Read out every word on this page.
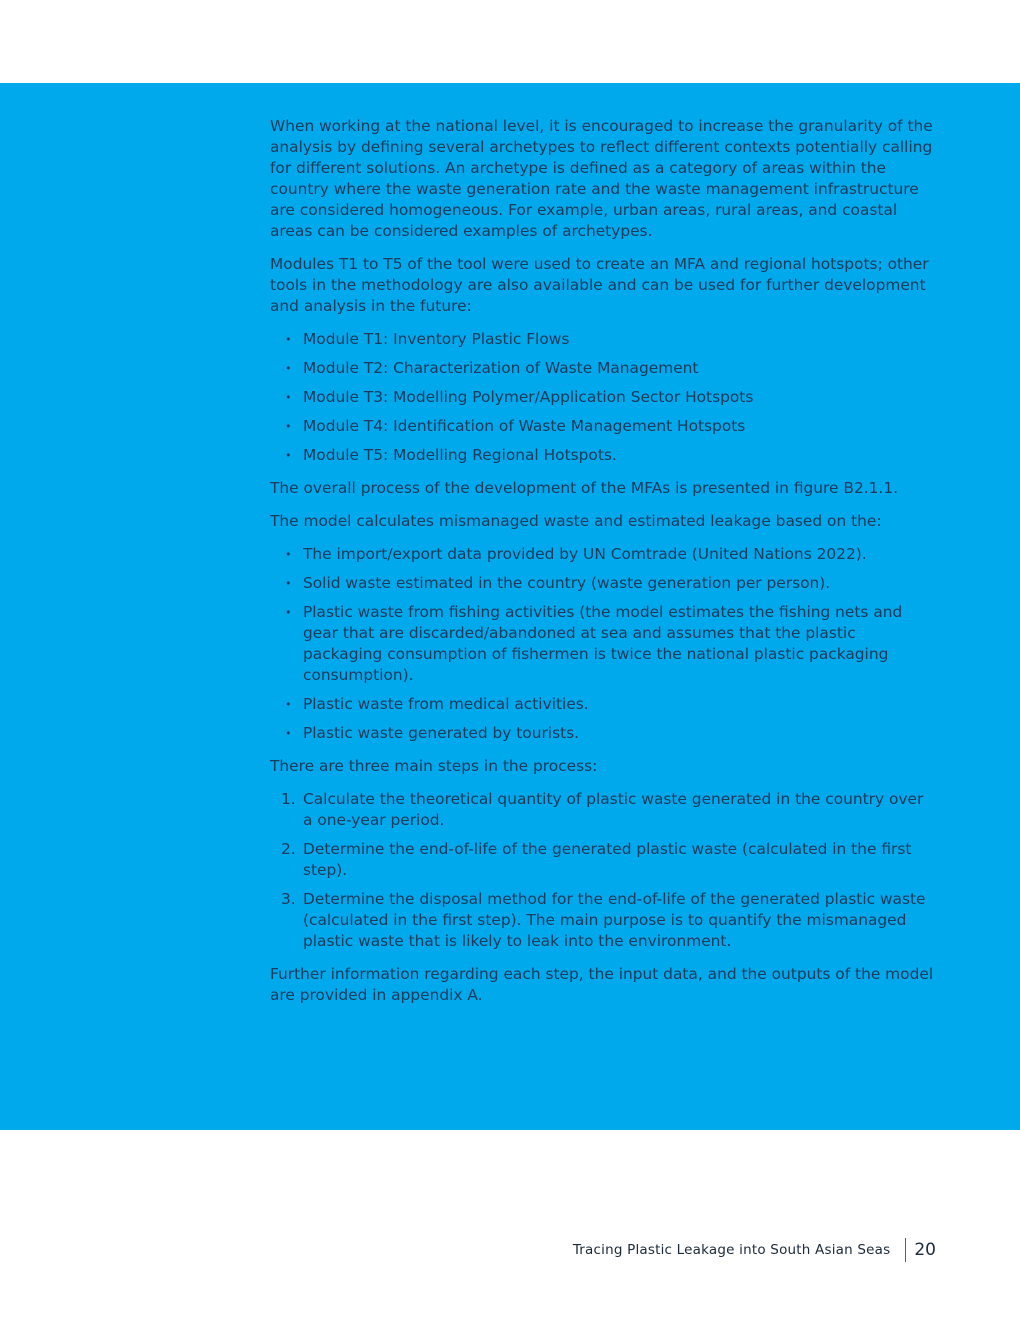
When working at the national level, it is encouraged to increase the granularity of the analysis by defining several archetypes to reflect different contexts potentially calling for different solutions. An archetype is defined as a category of areas within the country where the waste generation rate and the waste management infrastructure are considered homogeneous. For example, urban areas, rural areas, and coastal areas can be considered examples of archetypes.

Modules T1 to T5 of the tool were used to create an MFA and regional hotspots; other tools in the methodology are also available and can be used for further development and analysis in the future:

• Module T1: Inventory Plastic Flows
• Module T2: Characterization of Waste Management
• Module T3: Modelling Polymer/Application Sector Hotspots
• Module T4: Identification of Waste Management Hotspots
• Module T5: Modelling Regional Hotspots.

The overall process of the development of the MFAs is presented in figure B2.1.1.

The model calculates mismanaged waste and estimated leakage based on the:

• The import/export data provided by UN Comtrade (United Nations 2022).
• Solid waste estimated in the country (waste generation per person).
• Plastic waste from fishing activities (the model estimates the fishing nets and gear that are discarded/abandoned at sea and assumes that the plastic packaging consumption of fishermen is twice the national plastic packaging consumption).
• Plastic waste from medical activities.
• Plastic waste generated by tourists.

There are three main steps in the process:

1. Calculate the theoretical quantity of plastic waste generated in the country over a one-year period.
2. Determine the end-of-life of the generated plastic waste (calculated in the first step).
3. Determine the disposal method for the end-of-life of the generated plastic waste (calculated in the first step). The main purpose is to quantify the mismanaged plastic waste that is likely to leak into the environment.

Further information regarding each step, the input data, and the outputs of the model are provided in appendix A.

Tracing Plastic Leakage into South Asian Seas 20
